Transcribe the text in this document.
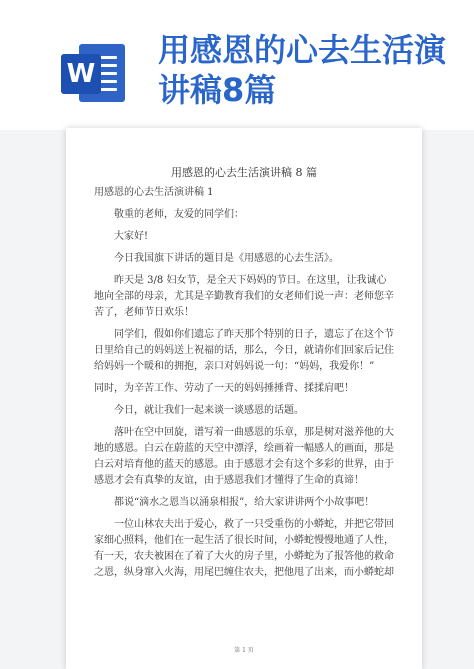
W
用感恩的心去生活演讲稿8篇

用感恩的心去生活演讲稿 8 篇

用感恩的心去生活演讲稿 1

敬重的老师，友爱的同学们：

大家好!

今日我国旗下讲话的题目是《用感恩的心去生活》。

昨天是 3/8 妇女节，是全天下妈妈的节日。在这里，让我诚心地向全部的母亲，尤其是辛勤教育我们的女老师们说一声：老师您辛苦了，老师节日欢乐！

同学们，假如你们遗忘了昨天那个特别的日子，遗忘了在这个节日里给自己的妈妈送上祝福的话，那么，今日，就请你们回家后记住给妈妈一个暖和的拥抱，亲口对妈妈说一句：“妈妈，我爱你！”

同时，为辛苦工作、劳动了一天的妈妈捶捶背、揉揉肩吧！

今日，就让我们一起来谈一谈感恩的话题。

落叶在空中回旋，谱写着一曲感恩的乐章，那是树对滋养他的大地的感恩。白云在蔚蓝的天空中漂浮，绘画着一幅感人的画面，那是白云对培育他的蓝天的感恩。由于感恩才会有这个多彩的世界，由于感恩才会有真挚的友谊，由于感恩我们才懂得了生命的真谛！

都说“滴水之恩当以涌泉相报”，给大家讲讲两个小故事吧！

一位山林农夫出于爱心，救了一只受重伤的小蟒蛇，并把它带回家细心照料，他们在一起生活了很长时间，小蟒蛇慢慢地通了人性，有一天，农夫被困在了着了大火的房子里，小蟒蛇为了报答他的救命之恩，纵身窜入火海，用尾巴缠住农夫，把他甩了出来，而小蟒蛇却

第 1 页
